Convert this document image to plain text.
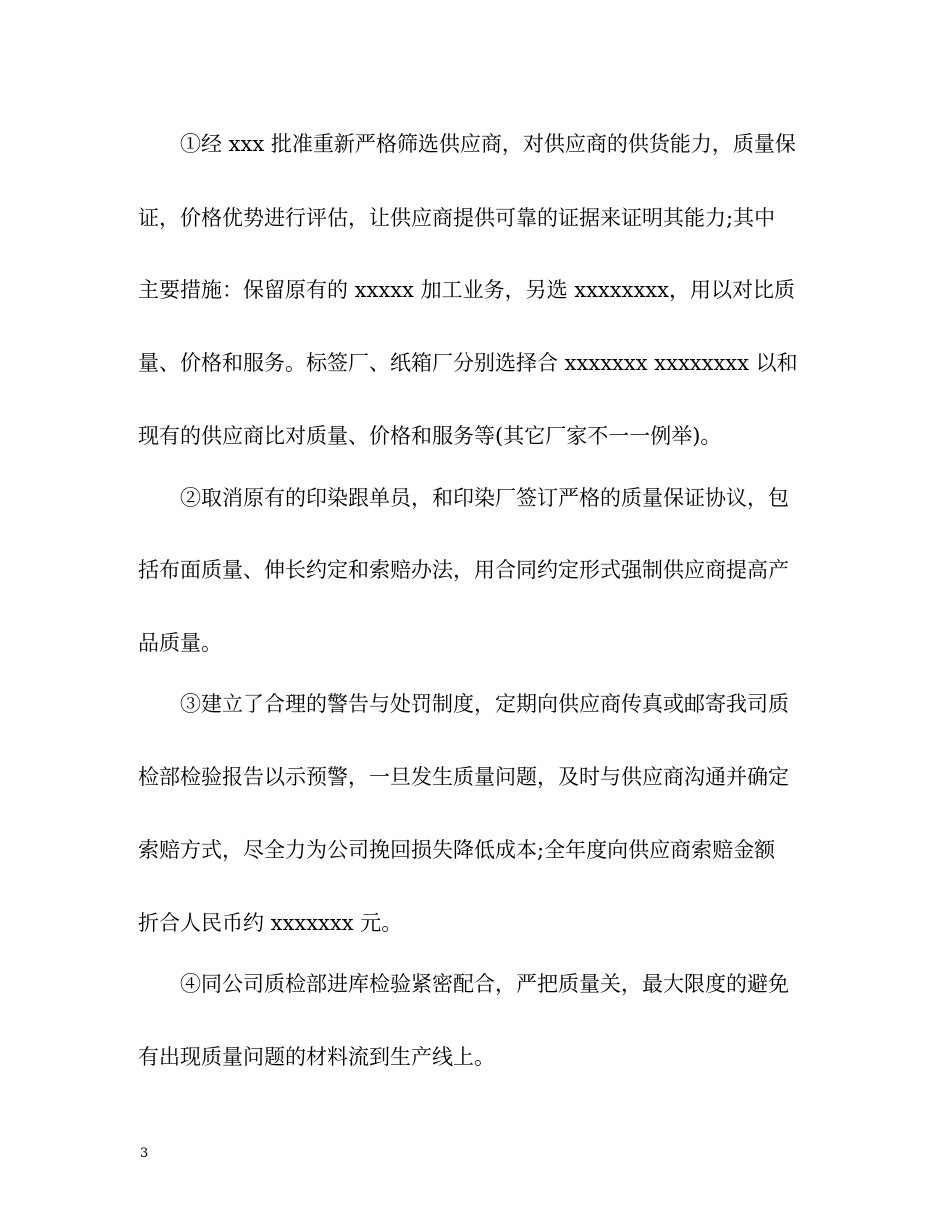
①经 xxx 批准重新严格筛选供应商，对供应商的供货能力，质量保
证，价格优势进行评估，让供应商提供可靠的证据来证明其能力;其中
主要措施：保留原有的 xxxxx 加工业务，另选 xxxxxxxx，用以对比质
量、价格和服务。标签厂、纸箱厂分别选择合 xxxxxxx xxxxxxxx 以和
现有的供应商比对质量、价格和服务等(其它厂家不一一例举)。
②取消原有的印染跟单员，和印染厂签订严格的质量保证协议，包
括布面质量、伸长约定和索赔办法，用合同约定形式强制供应商提高产
品质量。
③建立了合理的警告与处罚制度，定期向供应商传真或邮寄我司质
检部检验报告以示预警，一旦发生质量问题，及时与供应商沟通并确定
索赔方式，尽全力为公司挽回损失降低成本;全年度向供应商索赔金额
折合人民币约 xxxxxxx 元。
④同公司质检部进库检验紧密配合，严把质量关，最大限度的避免
有出现质量问题的材料流到生产线上。
3
